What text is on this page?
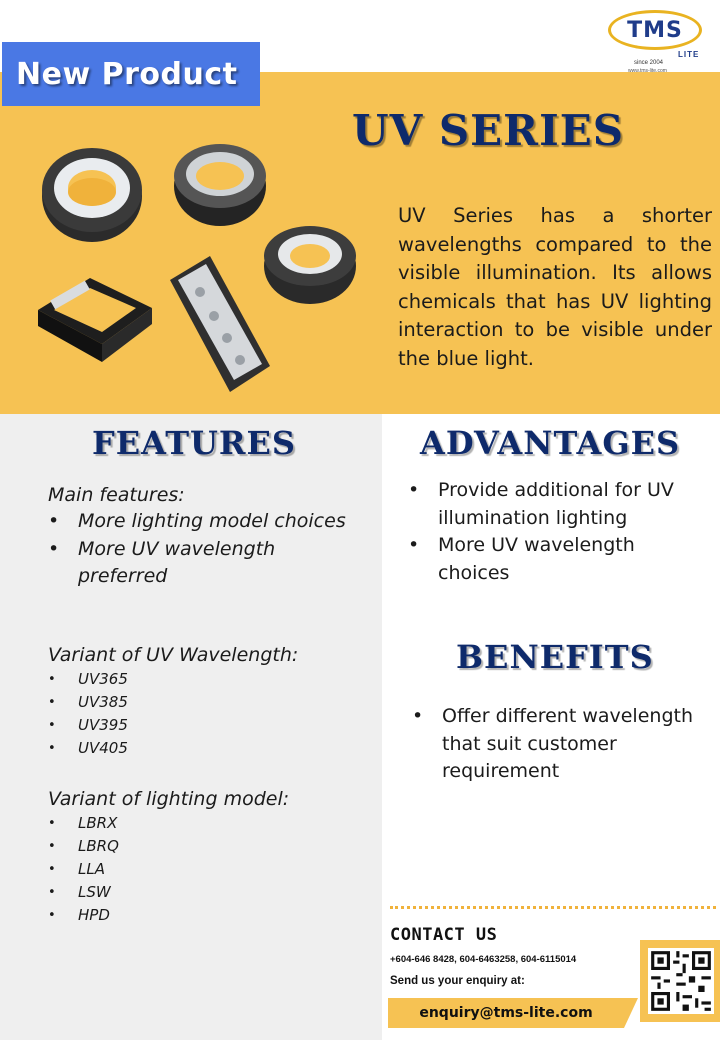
New Product
TMS
LITE
since 2004
www.tms-lite.com
UV SERIES
UV Series has a shorter wavelengths compared to the visible illumination. Its allows chemicals that has UV lighting interaction to be visible under the blue light.
FEATURES
Main features:
• More lighting model choices
• More UV wavelength preferred
Variant of UV Wavelength:
• UV365
• UV385
• UV395
• UV405
Variant of lighting model:
• LBRX
• LBRQ
• LLA
• LSW
• HPD
ADVANTAGES
• Provide additional for UV illumination lighting
• More UV wavelength choices
BENEFITS
• Offer different wavelength that suit customer requirement
CONTACT US
+604-646 8428, 604-6463258, 604-6115014
Send us your enquiry at:
enquiry@tms-lite.com
